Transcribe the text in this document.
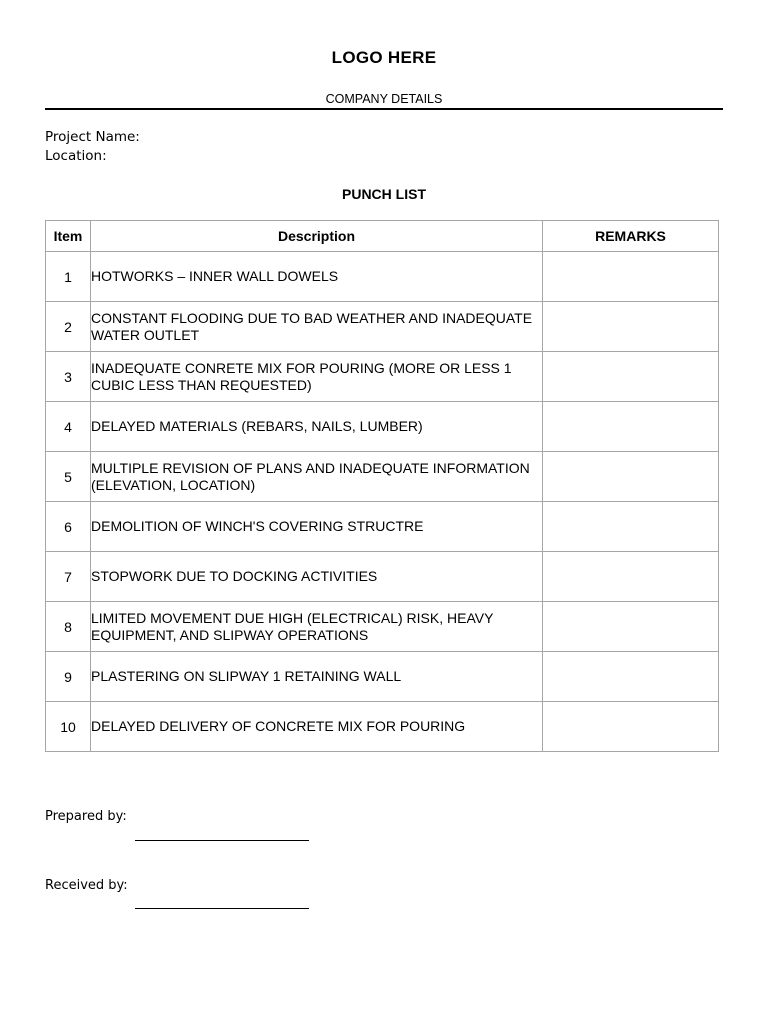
LOGO HERE
COMPANY DETAILS
Project Name:
Location:
PUNCH LIST
Item	Description	REMARKS
1	HOTWORKS – INNER WALL DOWELS	
2	CONSTANT FLOODING DUE TO BAD WEATHER AND INADEQUATE WATER OUTLET	
3	INADEQUATE CONRETE MIX FOR POURING (MORE OR LESS 1 CUBIC LESS THAN REQUESTED)	
4	DELAYED MATERIALS (REBARS, NAILS, LUMBER)	
5	MULTIPLE REVISION OF PLANS AND INADEQUATE INFORMATION (ELEVATION, LOCATION)	
6	DEMOLITION OF WINCH'S COVERING STRUCTRE	
7	STOPWORK DUE TO DOCKING ACTIVITIES	
8	LIMITED MOVEMENT DUE HIGH (ELECTRICAL) RISK, HEAVY EQUIPMENT, AND SLIPWAY OPERATIONS	
9	PLASTERING ON SLIPWAY 1 RETAINING WALL	
10	DELAYED DELIVERY OF CONCRETE MIX FOR POURING	
Prepared by:
Received by:
